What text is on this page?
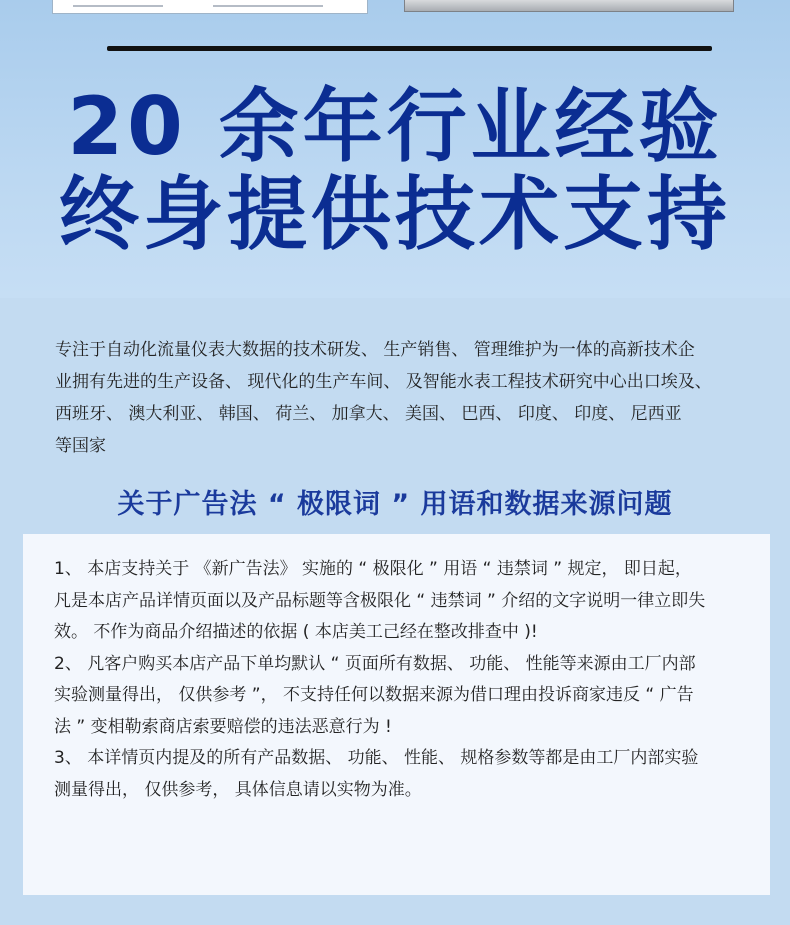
20 余年行业经验
终身提供技术支持
专注于自动化流量仪表大数据的技术研发、 生产销售、 管理维护为一体的高新技术企
业拥有先进的生产设备、 现代化的生产车间、 及智能水表工程技术研究中心出口埃及、
西班牙、 澳大利亚、 韩国、 荷兰、 加拿大、 美国、 巴西、 印度、 印度、 尼西亚
等国家
关于广告法 “ 极限词 ” 用语和数据来源问题
1、 本店支持关于 《新广告法》 实施的 “ 极限化 ” 用语 “ 违禁词 ” 规定， 即日起，
凡是本店产品详情页面以及产品标题等含极限化 “ 违禁词 ” 介绍的文字说明一律立即失
效。 不作为商品介绍描述的依据 ( 本店美工己经在整改排查中 )!
2、 凡客户购买本店产品下单均默认 “ 页面所有数据、 功能、 性能等来源由工厂内部
实验测量得出， 仅供参考 ”， 不支持任何以数据来源为借口理由投诉商家违反 “ 广告
法 ” 变相勒索商店索要赔偿的违法恶意行为 !
3、 本详情页内提及的所有产品数据、 功能、 性能、 规格参数等都是由工厂内部实验
测量得出， 仅供参考， 具体信息请以实物为准。
